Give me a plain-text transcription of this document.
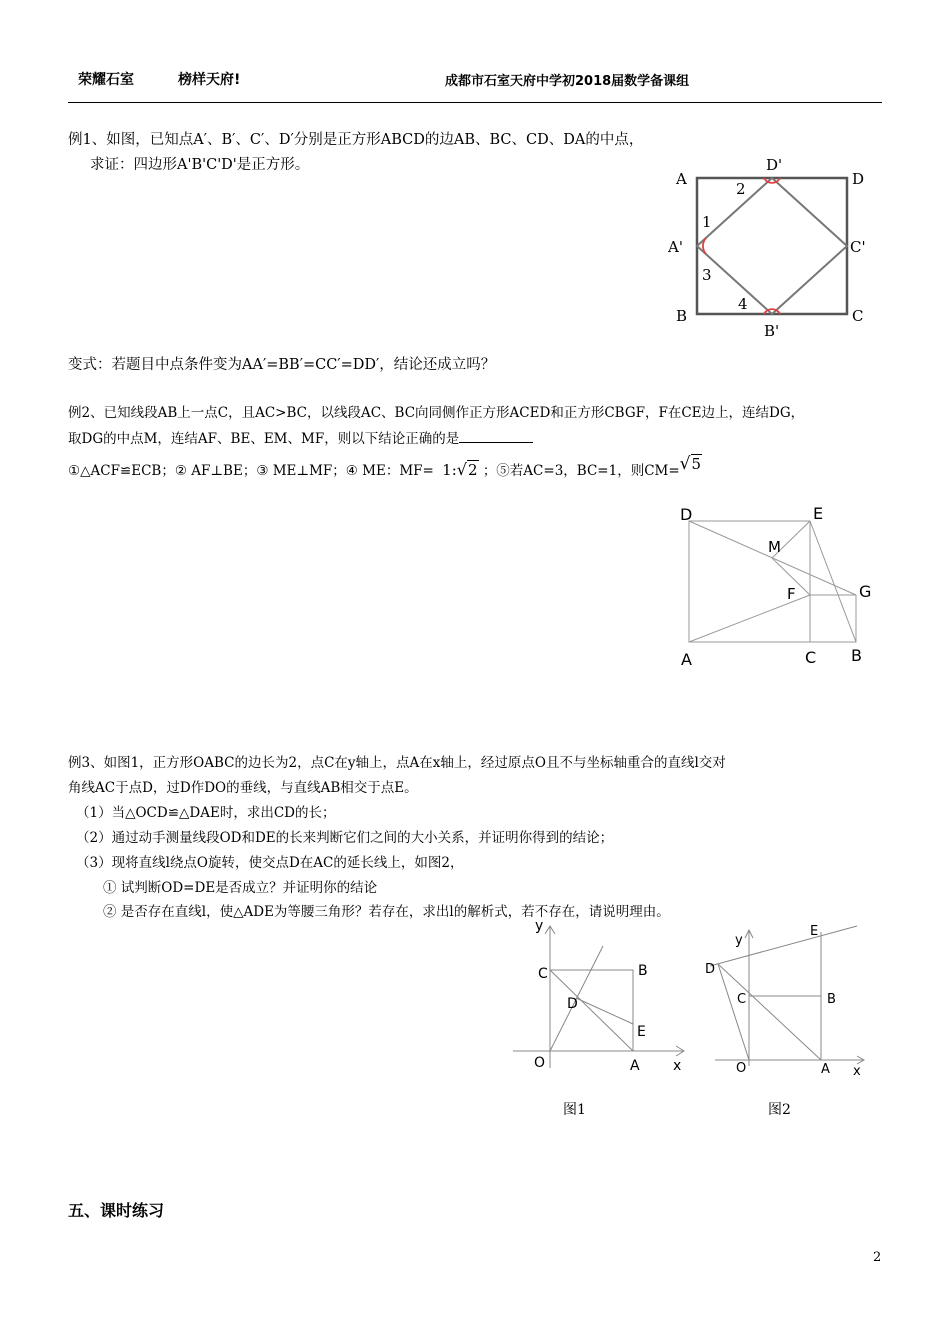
荣耀石室	榜样天府!	成都市石室天府中学初2018届数学备课组
例1、如图，已知点A′、B′、C′、D′分别是正方形ABCD的边AB、BC、CD、DA的中点，
求证：四边形A'B'C'D'是正方形。
A
B	C
D
A'
B'
C'
D'
1
2
3
4
变式：若题目中点条件变为AA′=BB′=CC′=DD′，结论还成立吗？
例2、已知线段AB上一点C，且AC>BC，以线段AC、BC向同侧作正方形ACED和正方形CBGF，F在CE边上，连结DG，
取DG的中点M，连结AF、BE、EM、MF，则以下结论正确的是
①△ACF≌ECB；② AF⊥BE；③ ME⊥MF；④ ME：MF= 1:√2 ；⑤若AC=3，BC=1，则CM=√5
D	E
M
F	G
A	C B
例3、如图1，正方形OABC的边长为2，点C在y轴上，点A在x轴上，经过原点O且不与坐标轴重合的直线l交对
角线AC于点D，过D作DO的垂线，与直线AB相交于点E。
（1）当△OCD≌△DAE时，求出CD的长；
（2）通过动手测量线段OD和DE的长来判断它们之间的大小关系，并证明你得到的结论；
（3）现将直线l绕点O旋转，使交点D在AC的延长线上，如图2，
① 试判断OD=DE是否成立？并证明你的结论
② 是否存在直线l，使△ADE为等腰三角形？若存在，求出l的解析式，若不存在，请说明理由。
y
x
C	B
D
E
O	A
y
x
E
D
C	B
O	A
图1	图2
五、课时练习
2
